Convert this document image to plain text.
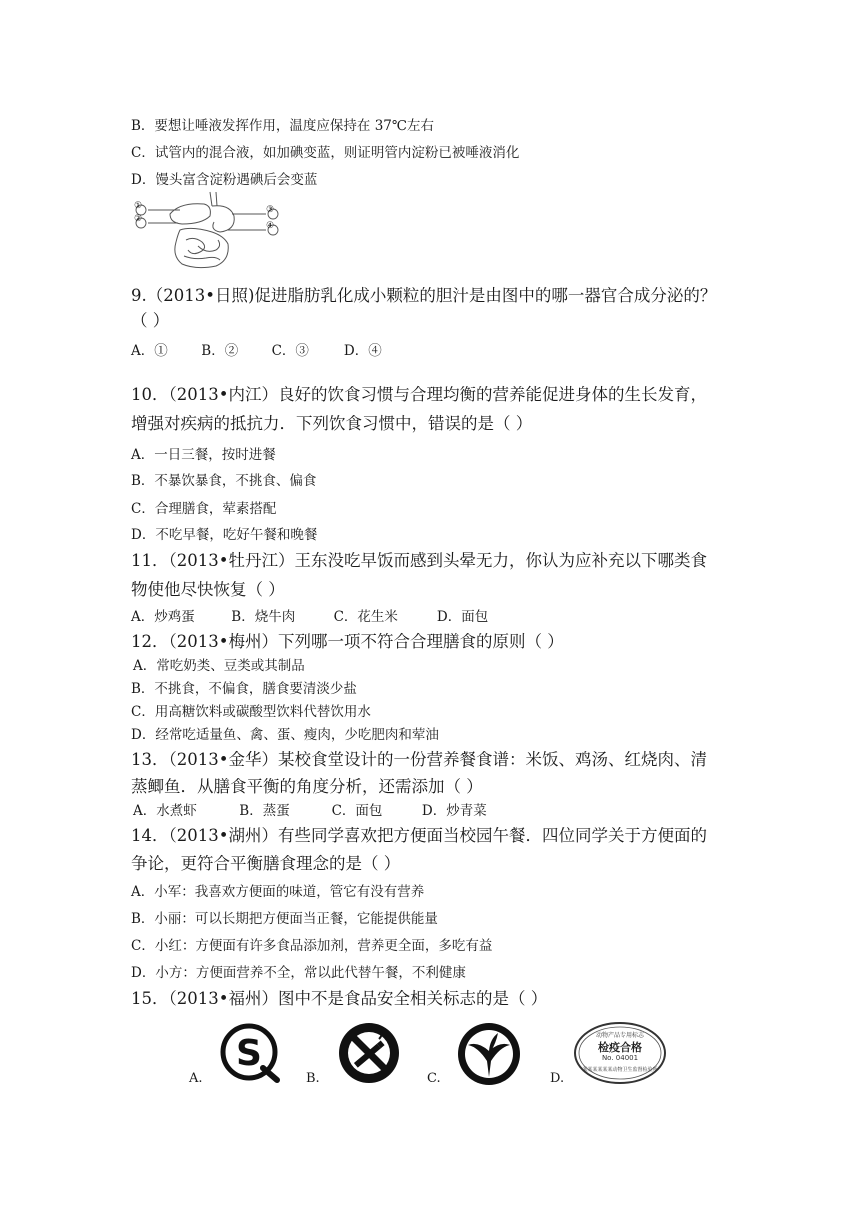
B．要想让唾液发挥作用，温度应保持在 37℃左右
C．试管内的混合液，如加碘变蓝，则证明管内淀粉已被唾液消化
D．馒头富含淀粉遇碘后会变蓝
①
②
③
④
9.（2013•日照)促进脂肪乳化成小颗粒的胆汁是由图中的哪一器官合成分泌的？
（ ）
A．① B．② C．③	D．④
10．（2013•内江）良好的饮食习惯与合理均衡的营养能促进身体的生长发育，
增强对疾病的抵抗力．下列饮食习惯中，错误的是（ ）
A．一日三餐，按时进餐
B．不暴饮暴食，不挑食、偏食
C．合理膳食，荤素搭配
D．不吃早餐，吃好午餐和晚餐
11．（2013•牡丹江）王东没吃早饭而感到头晕无力，你认为应补充以下哪类食
物使他尽快恢复（ ）
A．炒鸡蛋	B．烧牛肉	C．花生米	D．面包
12．（2013•梅州）下列哪一项不符合合理膳食的原则（ ）
A．常吃奶类、豆类或其制品
B．不挑食，不偏食，膳食要清淡少盐
C．用高糖饮料或碳酸型饮料代替饮用水
D．经常吃适量鱼、禽、蛋、瘦肉，少吃肥肉和荤油
13．（2013•金华）某校食堂设计的一份营养餐食谱：米饭、鸡汤、红烧肉、清
蒸鲫鱼．从膳食平衡的角度分析，还需添加（ ）
A．水煮虾	B．蒸蛋	C．面包	D．炒青菜
14．（2013•湖州）有些同学喜欢把方便面当校园午餐．四位同学关于方便面的
争论，更符合平衡膳食理念的是（ ）
A．小军：我喜欢方便面的味道，管它有没有营养
B．小丽：可以长期把方便面当正餐，它能提供能量
C．小红：方便面有许多食品添加剂，营养更全面，多吃有益
D．小方：方便面营养不全，常以此代替午餐，不利健康
15．（2013•福州）图中不是食品安全相关标志的是（ ）
A.
S
B.	C.	D.
动物产品专用标志
检疫合格
No. 04001
某某某某某某动物卫生监督检验所
